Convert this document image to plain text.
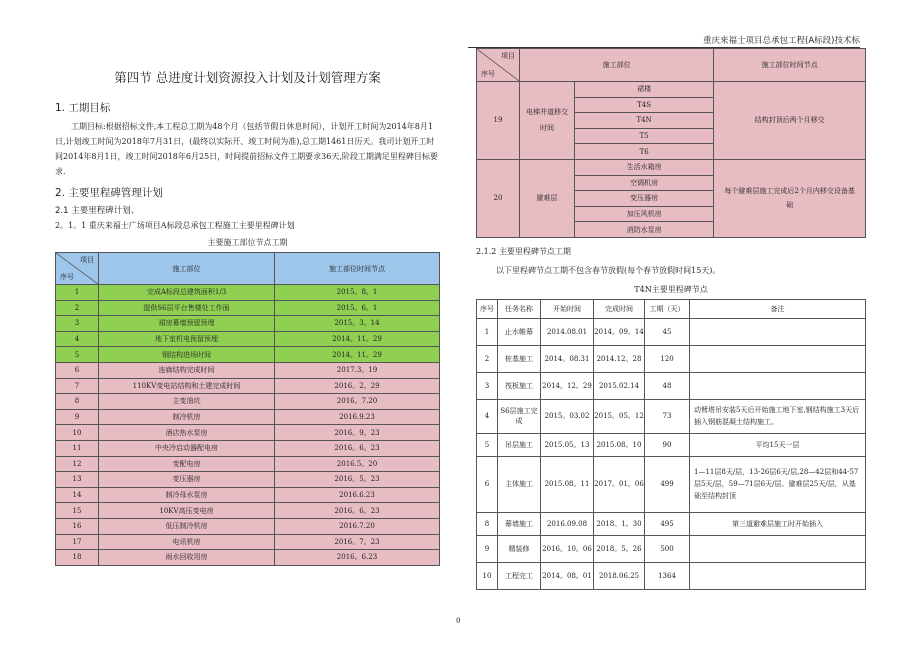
重庆来福士项目总承包工程(A标段)技术标
第四节 总进度计划资源投入计划及计划管理方案
1. 工期目标

工期目标:根据招标文件,本工程总工期为48个月（包括节假日休息时间），计划开工时间为2014年8月1日,计划竣工时间为2018年7月31日，(最终以实际开、竣工时间为准),总工期1461日历天。我司计划开工时间2014年8月1日，竣工时间2018年6月25日，时间提前招标文件工期要求36天,阶段工期满足里程碑目标要求.

2. 主要里程碑管理计划
2.1 主要里程碑计划、
2。1。1 重庆来福士广场项目A标段总承包工程施工主要里程碑计划
主要施工部位节点工期
项目
序号	施工部位	施工部位时间节点
1	完成A标段总建筑面积1/3	2015。8。1
2	提供S6层平台售楼处工作面	2015。6。1
3	裙房幕墙预留预埋	2015。3。14
4	地下室机电预留预埋	2014。11。29
5	钢结构进场时间	2014。11。29
6	连廊结构完成时间	2017.3。19
7	110KV变电站结构和土建完成时间	2016。2。29
8	主变油坑	2016。7.20
9	制冷机房	2016.9.23
10	酒店热水泵房	2016。9。23
11	中央冷启动器配电房	2016。6。23
12	变配电房	2016.5。20
13	变压器房	2016。5。23
14	制冷母水泵房	2016.6.23
15	10KV高压变电房	2016。6。23
16	低压制冷机房	2016.7.20
17	电讯机房	2016。7。23
18	雨水回收用房	2016。6.23
项目
序号	施工部位		施工部位时间节点
19	电梯井道移交时间	裙楼	结构封顶后两个月移交
		T4S	
		T4N	
		T5	
		T6	
20	避难层	生活水箱房	每个避难层施工完成后2个月内移交设备基础
		空调机房	
		变压器房	
		加压风机房	
		消防水泵房	
2.1.2 主要里程碑节点工期
以下里程碑节点工期不包含春节放假(每个春节放假时间15天)。
T4N主要里程碑节点
序号	任务名称	开始时间	完成时间	工期（天）	备注
1	止水帷幕	2014.08.01	2014。09。14	45	
2	桩基施工	2014。08.31	2014.12。28	120	
3	筏板施工	2014。12。29	2015.02.14	48	
4	S6层施工完成	2015。03.02	2015。05。12	73	动臂塔吊安装5天后开始施工地下室,钢结构施工3天后插入钢筋混凝土结构施工。
5	吊层施工	2015.05。13	2015.08。10	90	平均15天一层
6	主体施工	2015.08。11	2017。01。06	499	1—11层8天/层，13-26层6天/层,28—42层和44-57层5天/层，59—71层6天/层、避难层25天/层，从基础至结构封顶
8	幕墙施工	2016.09.08	2018。1。30	495	第三道避难层施工时开始插入
9	精装修	2016。10。06	2018。5。26	500	
10	工程完工	2014。08。01	2018.06.25	1364	
0
